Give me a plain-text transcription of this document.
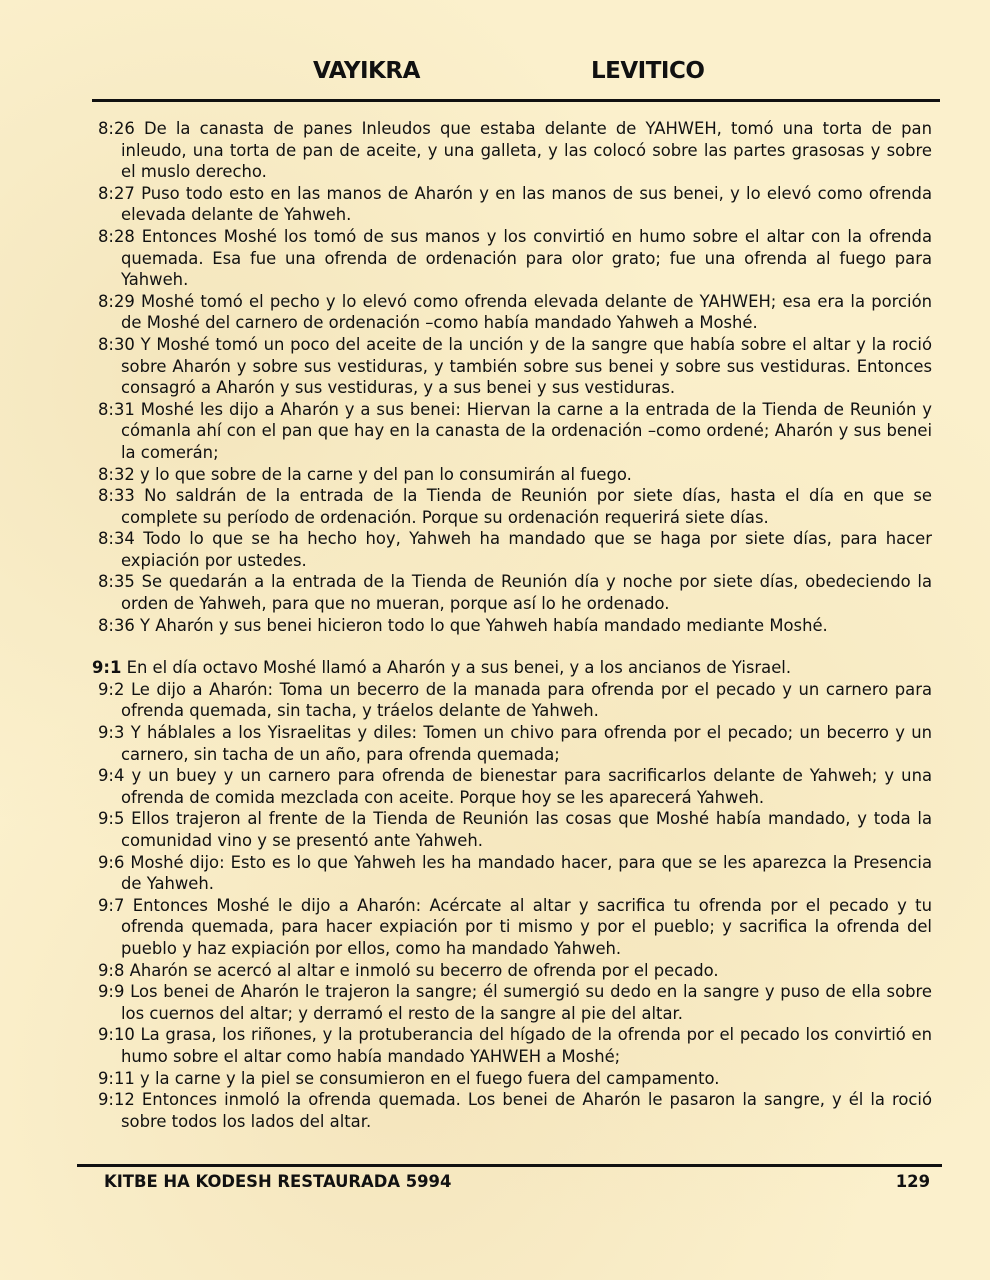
VAYIKRA	LEVITICO

8:26 De la canasta de panes Inleudos que estaba delante de YAHWEH, tomó una torta de pan inleudo, una torta de pan de aceite, y una galleta, y las colocó sobre las partes grasosas y sobre el muslo derecho.

8:27 Puso todo esto en las manos de Aharón y en las manos de sus benei, y lo elevó como ofrenda elevada delante de Yahweh.

8:28 Entonces Moshé los tomó de sus manos y los convirtió en humo sobre el altar con la ofrenda quemada. Esa fue una ofrenda de ordenación para olor grato; fue una ofrenda al fuego para Yahweh.

8:29 Moshé tomó el pecho y lo elevó como ofrenda elevada delante de YAHWEH; esa era la porción de Moshé del carnero de ordenación –como había mandado Yahweh a Moshé.

8:30 Y Moshé tomó un poco del aceite de la unción y de la sangre que había sobre el altar y la roció sobre Aharón y sobre sus vestiduras, y también sobre sus benei y sobre sus vestiduras. Entonces consagró a Aharón y sus vestiduras, y a sus benei y sus vestiduras.

8:31 Moshé les dijo a Aharón y a sus benei: Hiervan la carne a la entrada de la Tienda de Reunión y cómanla ahí con el pan que hay en la canasta de la ordenación –como ordené; Aharón y sus benei la comerán;

8:32 y lo que sobre de la carne y del pan lo consumirán al fuego.

8:33 No saldrán de la entrada de la Tienda de Reunión por siete días, hasta el día en que se complete su período de ordenación. Porque su ordenación requerirá siete días.

8:34 Todo lo que se ha hecho hoy, Yahweh ha mandado que se haga por siete días, para hacer expiación por ustedes.

8:35 Se quedarán a la entrada de la Tienda de Reunión día y noche por siete días, obedeciendo la orden de Yahweh, para que no mueran, porque así lo he ordenado.

8:36 Y Aharón y sus benei hicieron todo lo que Yahweh había mandado mediante Moshé.

9:1 En el día octavo Moshé llamó a Aharón y a sus benei, y a los ancianos de Yisrael.

9:2 Le dijo a Aharón: Toma un becerro de la manada para ofrenda por el pecado y un carnero para ofrenda quemada, sin tacha, y tráelos delante de Yahweh.

9:3 Y háblales a los Yisraelitas y diles: Tomen un chivo para ofrenda por el pecado; un becerro y un carnero, sin tacha de un año, para ofrenda quemada;

9:4 y un buey y un carnero para ofrenda de bienestar para sacrificarlos delante de Yahweh; y una ofrenda de comida mezclada con aceite. Porque hoy se les aparecerá Yahweh.

9:5 Ellos trajeron al frente de la Tienda de Reunión las cosas que Moshé había mandado, y toda la comunidad vino y se presentó ante Yahweh.

9:6 Moshé dijo: Esto es lo que Yahweh les ha mandado hacer, para que se les aparezca la Presencia de Yahweh.

9:7 Entonces Moshé le dijo a Aharón: Acércate al altar y sacrifica tu ofrenda por el pecado y tu ofrenda quemada, para hacer expiación por ti mismo y por el pueblo; y sacrifica la ofrenda del pueblo y haz expiación por ellos, como ha mandado Yahweh.

9:8 Aharón se acercó al altar e inmoló su becerro de ofrenda por el pecado.

9:9 Los benei de Aharón le trajeron la sangre; él sumergió su dedo en la sangre y puso de ella sobre los cuernos del altar; y derramó el resto de la sangre al pie del altar.

9:10 La grasa, los riñones, y la protuberancia del hígado de la ofrenda por el pecado los convirtió en humo sobre el altar como había mandado YAHWEH a Moshé;

9:11 y la carne y la piel se consumieron en el fuego fuera del campamento.

9:12 Entonces inmoló la ofrenda quemada. Los benei de Aharón le pasaron la sangre, y él la roció sobre todos los lados del altar.

KITBE HA KODESH RESTAURADA 5994	129
